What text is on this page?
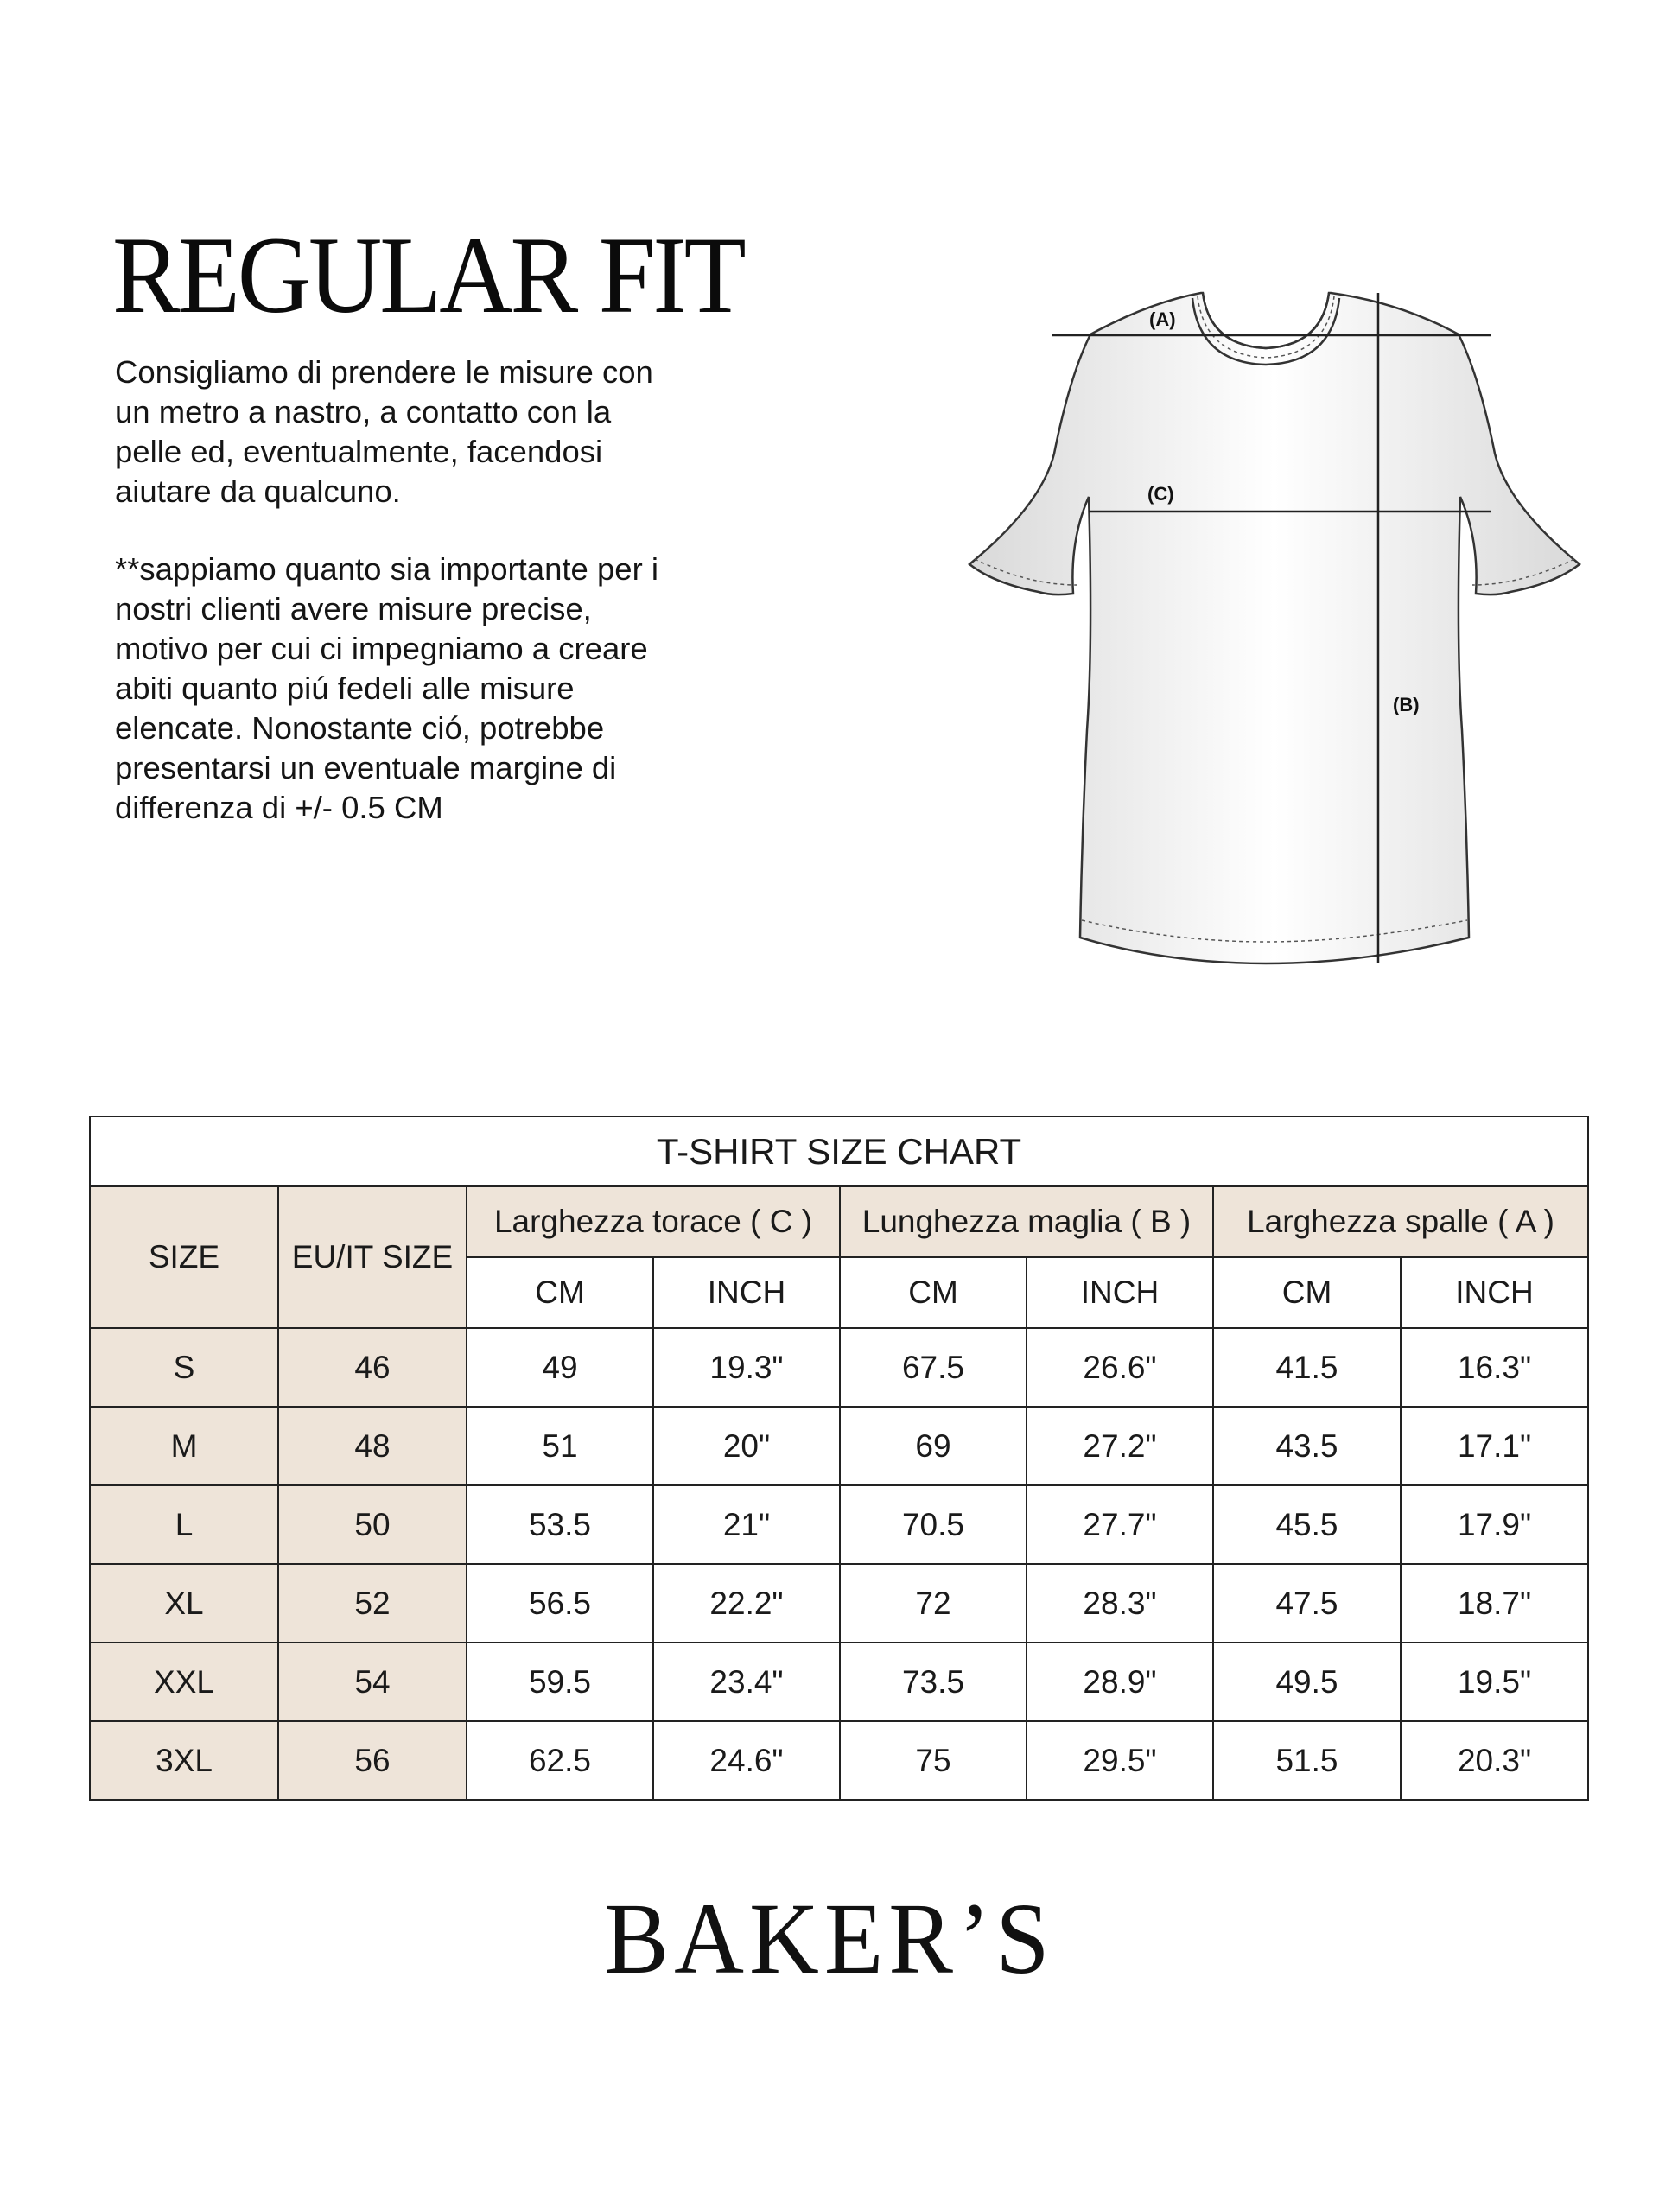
REGULAR FIT

Consigliamo di prendere le misure con un metro a nastro, a contatto con la pelle ed, eventualmente, facendosi aiutare da qualcuno.

**sappiamo quanto sia importante per i nostri clienti avere misure precise, motivo per cui ci impegniamo a creare abiti quanto piú fedeli alle misure elencate. Nonostante ció, potrebbe presentarsi un eventuale margine di differenza di +/- 0.5 CM

(A)
(C)
(B)
T-SHIRT SIZE CHART							
SIZE	EU/IT SIZE	Larghezza torace ( C )		Lunghezza maglia ( B )		Larghezza spalle ( A )	
		CM	INCH	CM	INCH	CM	INCH
S	46	49	19.3"	67.5	26.6"	41.5	16.3"
M	48	51	20"	69	27.2"	43.5	17.1"
L	50	53.5	21"	70.5	27.7"	45.5	17.9"
XL	52	56.5	22.2"	72	28.3"	47.5	18.7"
XXL	54	59.5	23.4"	73.5	28.9"	49.5	19.5"
3XL	56	62.5	24.6"	75	29.5"	51.5	20.3"

BAKER’S
